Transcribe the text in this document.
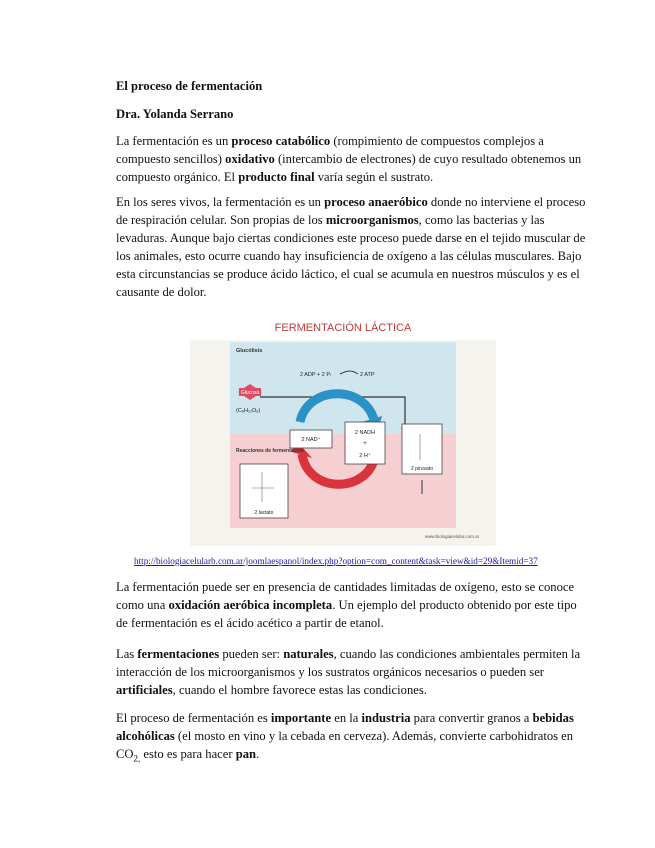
El proceso de fermentación
Dra. Yolanda Serrano
La fermentación es un proceso catabólico (rompimiento de compuestos complejos a compuesto sencillos) oxidativo (intercambio de electrones) de cuyo resultado obtenemos un compuesto orgánico. El producto final varía según el sustrato.
En los seres vivos, la fermentación es un proceso anaeróbico donde no interviene el proceso de respiración celular. Son propias de los microorganismos, como las bacterias y las levaduras. Aunque bajo ciertas condiciones este proceso puede darse en el tejido muscular de los animales, esto ocurre cuando hay insuficiencia de oxígeno a las células musculares. Bajo esta circunstancias se produce ácido láctico, el cual se acumula en nuestros músculos y es el causante de dolor.
FERMENTACIÓN LÁCTICA
Glucólisis
Glucosa
(C₆H₁₂O₆)
2 ADP + 2 Pᵢ	2 ATP
2 NAD⁺
2 NADH
+
2 H⁺
2 piruvato
Reacciones de fermentación
2 lactato
www.biologiacelular.com.ar
http://biologiacelularb.com.ar/joomlaespanol/index.php?option=com_content&task=view&id=29&Itemid=37
La fermentación puede ser en presencia de cantidades limitadas de oxígeno, esto se conoce como una oxidación aeróbica incompleta. Un ejemplo del producto obtenido por este tipo de fermentación es el ácido acético a partir de etanol.
Las fermentaciones pueden ser: naturales, cuando las condiciones ambientales permiten la interacción de los microorganismos y los sustratos orgánicos necesarios o pueden ser artificiales, cuando el hombre favorece estas las condiciones.
El proceso de fermentación es importante en la industria para convertir granos a bebidas alcohólicas (el mosto en vino y la cebada en cerveza). Además, convierte carbohidratos en $CO_{2,}$ esto es para hacer pan.
